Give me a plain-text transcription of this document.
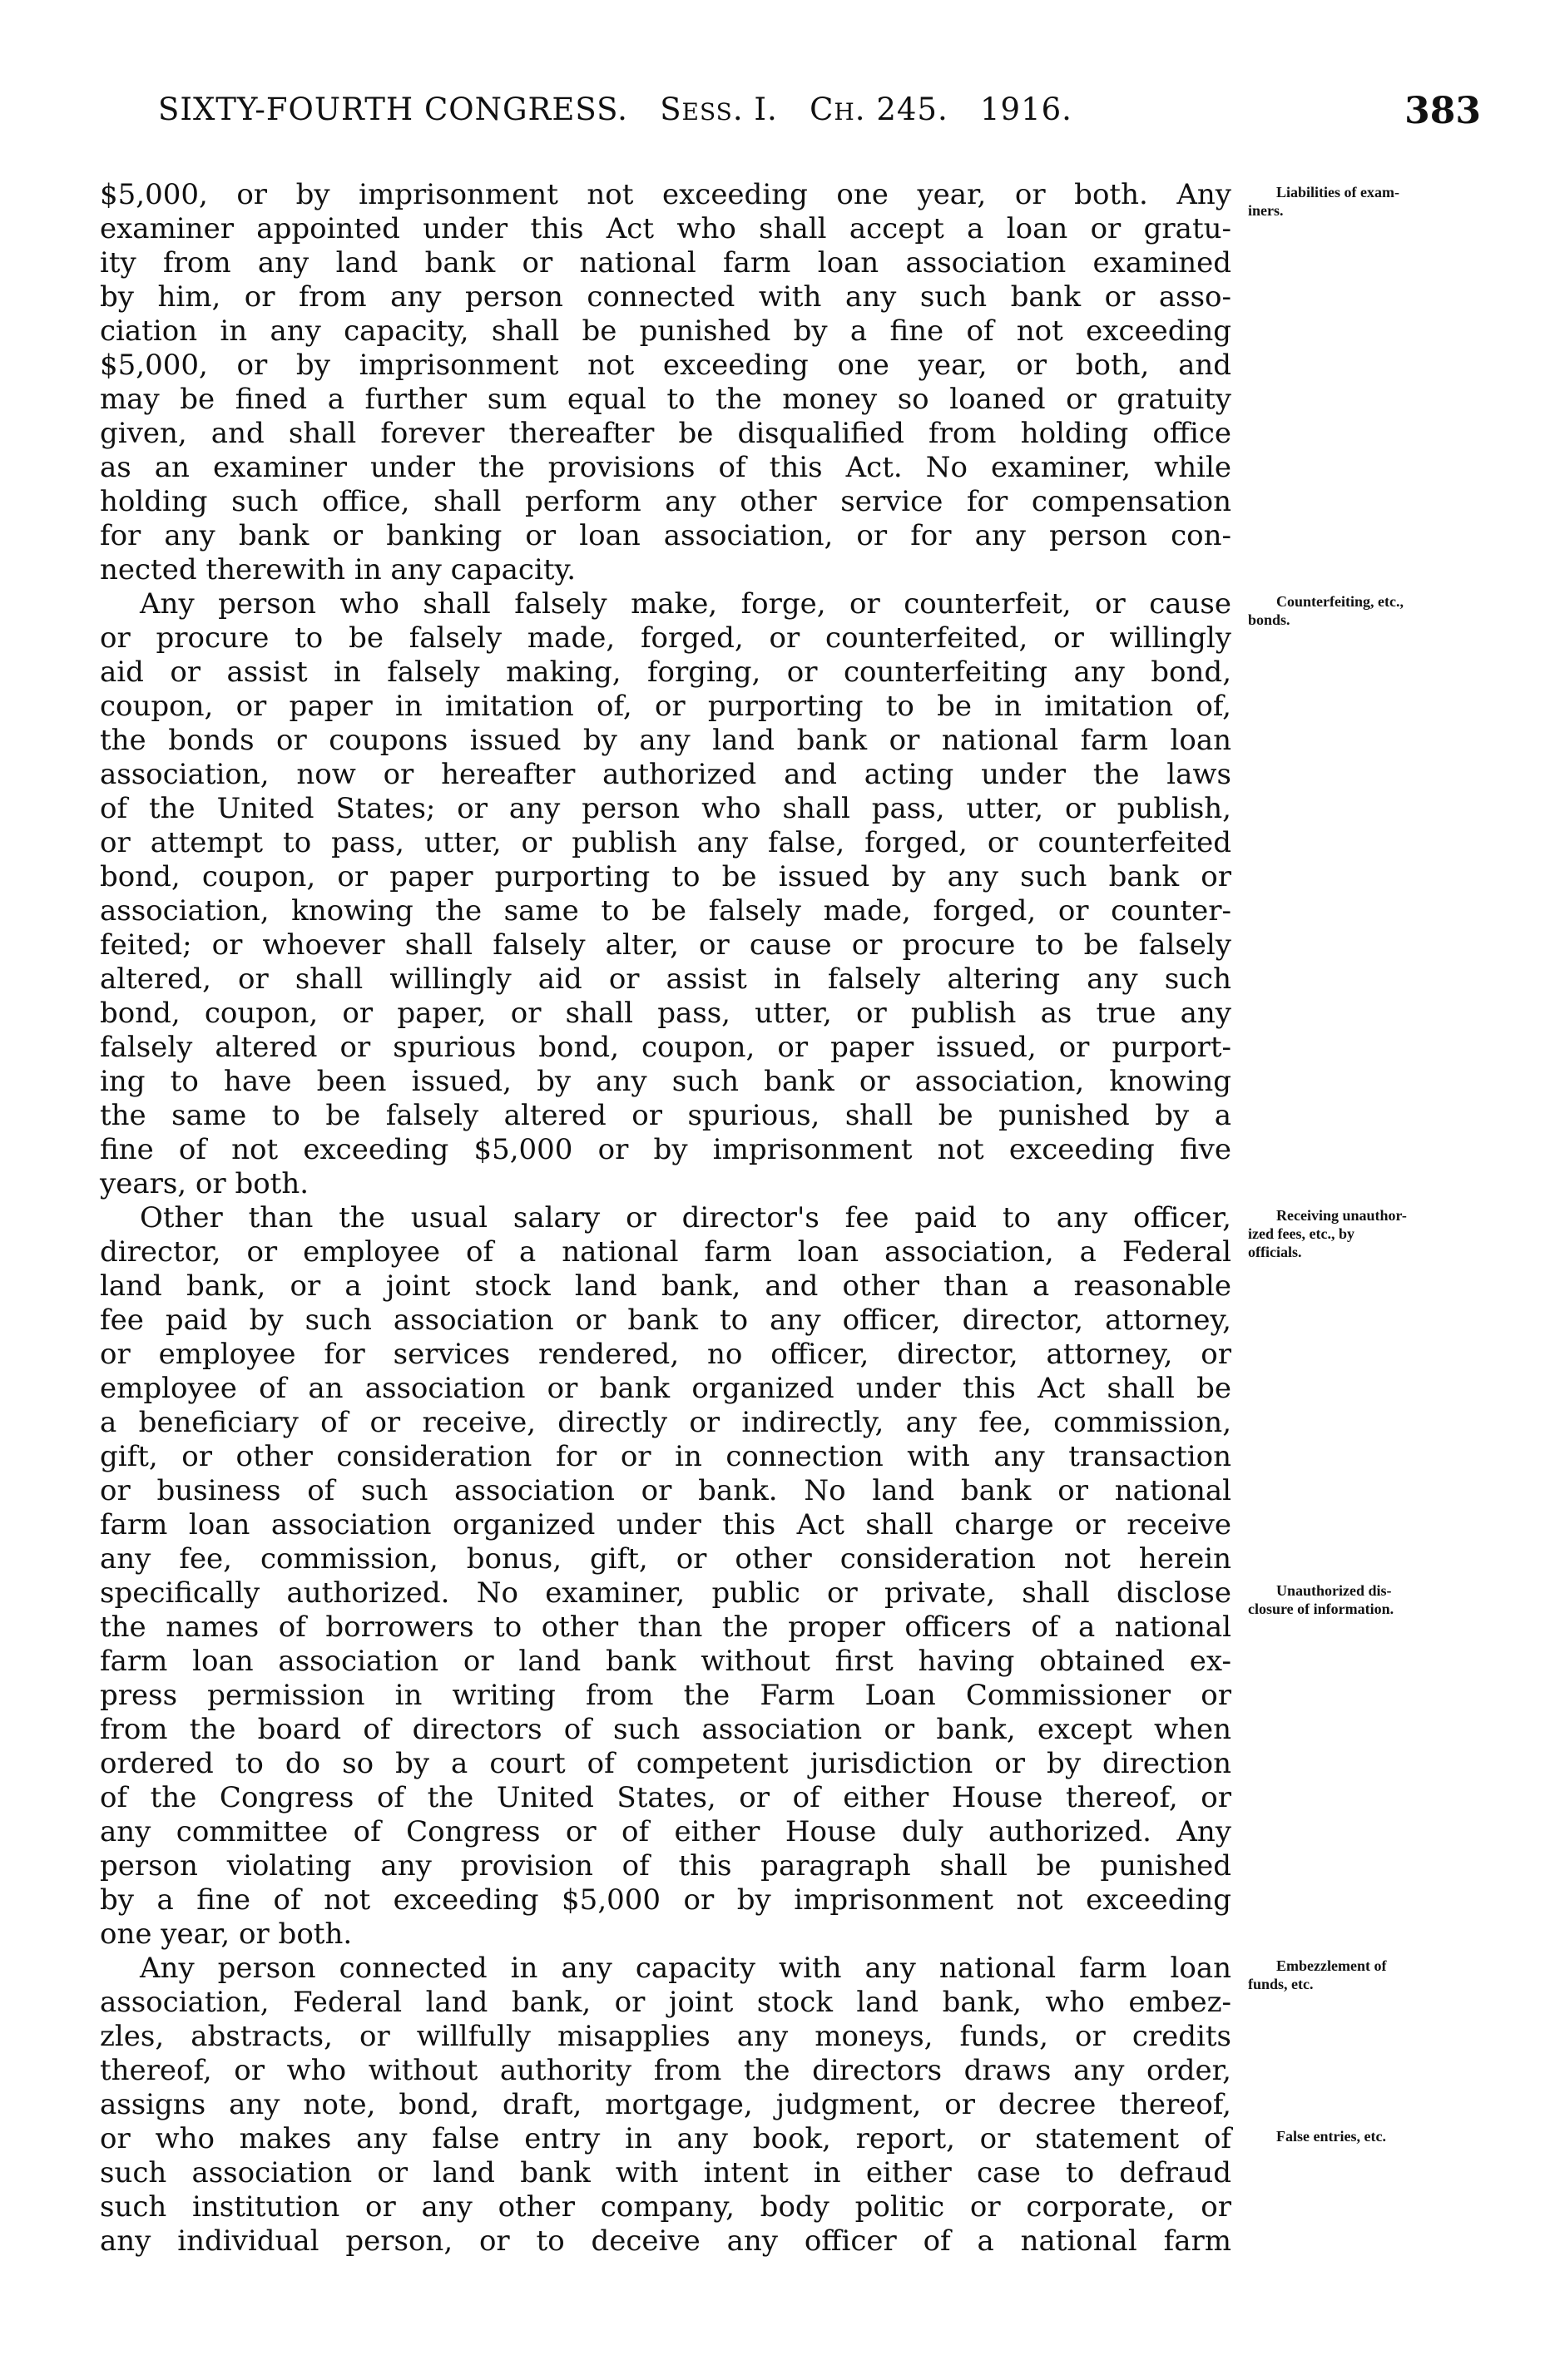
SIXTY-FOURTH CONGRESS. SESS. I. CH. 245. 1916.	383
$5,000, or by imprisonment not exceeding one year, or both. Any
examiner appointed under this Act who shall accept a loan or gratu-
ity from any land bank or national farm loan association examined
by him, or from any person connected with any such bank or asso-
ciation in any capacity, shall be punished by a fine of not exceeding
$5,000, or by imprisonment not exceeding one year, or both, and
may be fined a further sum equal to the money so loaned or gratuity
given, and shall forever thereafter be disqualified from holding office
as an examiner under the provisions of this Act. No examiner, while
holding such office, shall perform any other service for compensation
for any bank or banking or loan association, or for any person con-
nected therewith in any capacity.
Any person who shall falsely make, forge, or counterfeit, or cause
or procure to be falsely made, forged, or counterfeited, or willingly
aid or assist in falsely making, forging, or counterfeiting any bond,
coupon, or paper in imitation of, or purporting to be in imitation of,
the bonds or coupons issued by any land bank or national farm loan
association, now or hereafter authorized and acting under the laws
of the United States; or any person who shall pass, utter, or publish,
or attempt to pass, utter, or publish any false, forged, or counterfeited
bond, coupon, or paper purporting to be issued by any such bank or
association, knowing the same to be falsely made, forged, or counter-
feited; or whoever shall falsely alter, or cause or procure to be falsely
altered, or shall willingly aid or assist in falsely altering any such
bond, coupon, or paper, or shall pass, utter, or publish as true any
falsely altered or spurious bond, coupon, or paper issued, or purport-
ing to have been issued, by any such bank or association, knowing
the same to be falsely altered or spurious, shall be punished by a
fine of not exceeding $5,000 or by imprisonment not exceeding five
years, or both.
Other than the usual salary or director's fee paid to any officer,
director, or employee of a national farm loan association, a Federal
land bank, or a joint stock land bank, and other than a reasonable
fee paid by such association or bank to any officer, director, attorney,
or employee for services rendered, no officer, director, attorney, or
employee of an association or bank organized under this Act shall be
a beneficiary of or receive, directly or indirectly, any fee, commission,
gift, or other consideration for or in connection with any transaction
or business of such association or bank. No land bank or national
farm loan association organized under this Act shall charge or receive
any fee, commission, bonus, gift, or other consideration not herein
specifically authorized. No examiner, public or private, shall disclose
the names of borrowers to other than the proper officers of a national
farm loan association or land bank without first having obtained ex-
press permission in writing from the Farm Loan Commissioner or
from the board of directors of such association or bank, except when
ordered to do so by a court of competent jurisdiction or by direction
of the Congress of the United States, or of either House thereof, or
any committee of Congress or of either House duly authorized. Any
person violating any provision of this paragraph shall be punished
by a fine of not exceeding $5,000 or by imprisonment not exceeding
one year, or both.
Any person connected in any capacity with any national farm loan
association, Federal land bank, or joint stock land bank, who embez-
zles, abstracts, or willfully misapplies any moneys, funds, or credits
thereof, or who without authority from the directors draws any order,
assigns any note, bond, draft, mortgage, judgment, or decree thereof,
or who makes any false entry in any book, report, or statement of
such association or land bank with intent in either case to defraud
such institution or any other company, body politic or corporate, or
any individual person, or to deceive any officer of a national farm
Liabilities of exam-
iners.
Counterfeiting, etc.,
bonds.
Receiving unauthor-
ized fees, etc., by
officials.
Unauthorized dis-
closure of information.
Embezzlement of
funds, etc.
False entries, etc.
